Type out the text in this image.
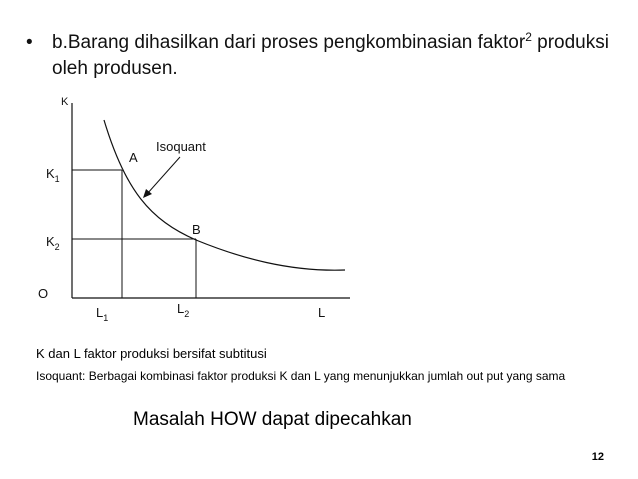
• b.Barang dihasilkan dari proses pengkombinasian faktor$^2$ produksi oleh produsen.
K
L
O
$K_1$
$K_2$
$L_1$
$L_2$
A
B
Isoquant
K dan L faktor produksi bersifat subtitusi
Isoquant: Berbagai kombinasi faktor produksi K dan L yang menunjukkan jumlah out put yang sama
Masalah HOW dapat dipecahkan
12
